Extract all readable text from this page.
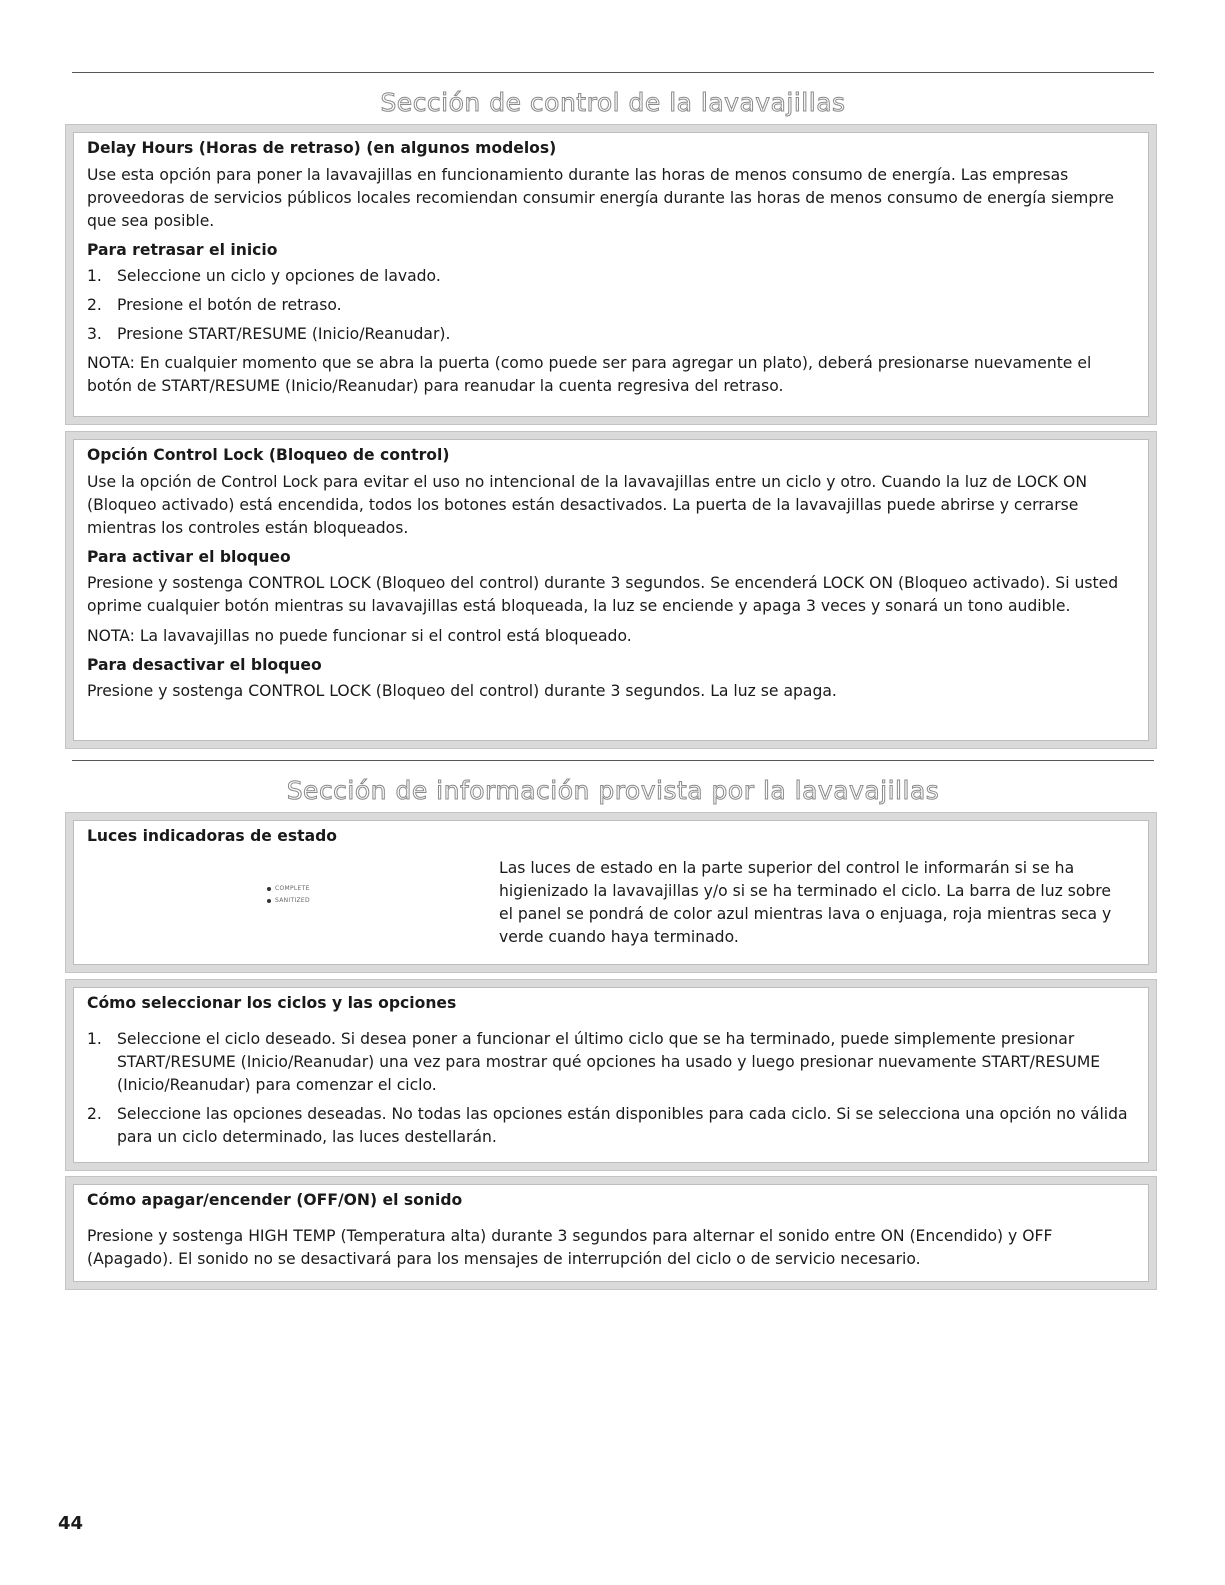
Sección de control de la lavavajillas
Delay Hours (Horas de retraso) (en algunos modelos)

Use esta opción para poner la lavavajillas en funcionamiento durante las horas de menos consumo de energía. Las empresas proveedoras de servicios públicos locales recomiendan consumir energía durante las horas de menos consumo de energía siempre que sea posible.

Para retrasar el inicio
1. Seleccione un ciclo y opciones de lavado.
2. Presione el botón de retraso.
3. Presione START/RESUME (Inicio/Reanudar).

NOTA: En cualquier momento que se abra la puerta (como puede ser para agregar un plato), deberá presionarse nuevamente el botón de START/RESUME (Inicio/Reanudar) para reanudar la cuenta regresiva del retraso.

Opción Control Lock (Bloqueo de control)

Use la opción de Control Lock para evitar el uso no intencional de la lavavajillas entre un ciclo y otro. Cuando la luz de LOCK ON (Bloqueo activado) está encendida, todos los botones están desactivados. La puerta de la lavavajillas puede abrirse y cerrarse mientras los controles están bloqueados.

Para activar el bloqueo

Presione y sostenga CONTROL LOCK (Bloqueo del control) durante 3 segundos. Se encenderá LOCK ON (Bloqueo activado). Si usted oprime cualquier botón mientras su lavavajillas está bloqueada, la luz se enciende y apaga 3 veces y sonará un tono audible.

NOTA: La lavavajillas no puede funcionar si el control está bloqueado.

Para desactivar el bloqueo

Presione y sostenga CONTROL LOCK (Bloqueo del control) durante 3 segundos. La luz se apaga.

Sección de información provista por la lavavajillas
Luces indicadoras de estado
COMPLETE
SANITIZED
Las luces de estado en la parte superior del control le informarán si se ha higienizado la lavavajillas y/o si se ha terminado el ciclo. La barra de luz sobre el panel se pondrá de color azul mientras lava o enjuaga, roja mientras seca y verde cuando haya terminado.
Cómo seleccionar los ciclos y las opciones
1. Seleccione el ciclo deseado. Si desea poner a funcionar el último ciclo que se ha terminado, puede simplemente presionar START/RESUME (Inicio/Reanudar) una vez para mostrar qué opciones ha usado y luego presionar nuevamente START/RESUME (Inicio/Reanudar) para comenzar el ciclo.
2. Seleccione las opciones deseadas. No todas las opciones están disponibles para cada ciclo. Si se selecciona una opción no válida para un ciclo determinado, las luces destellarán.
Cómo apagar/encender (OFF/ON) el sonido

Presione y sostenga HIGH TEMP (Temperatura alta) durante 3 segundos para alternar el sonido entre ON (Encendido) y OFF (Apagado). El sonido no se desactivará para los mensajes de interrupción del ciclo o de servicio necesario.

44
